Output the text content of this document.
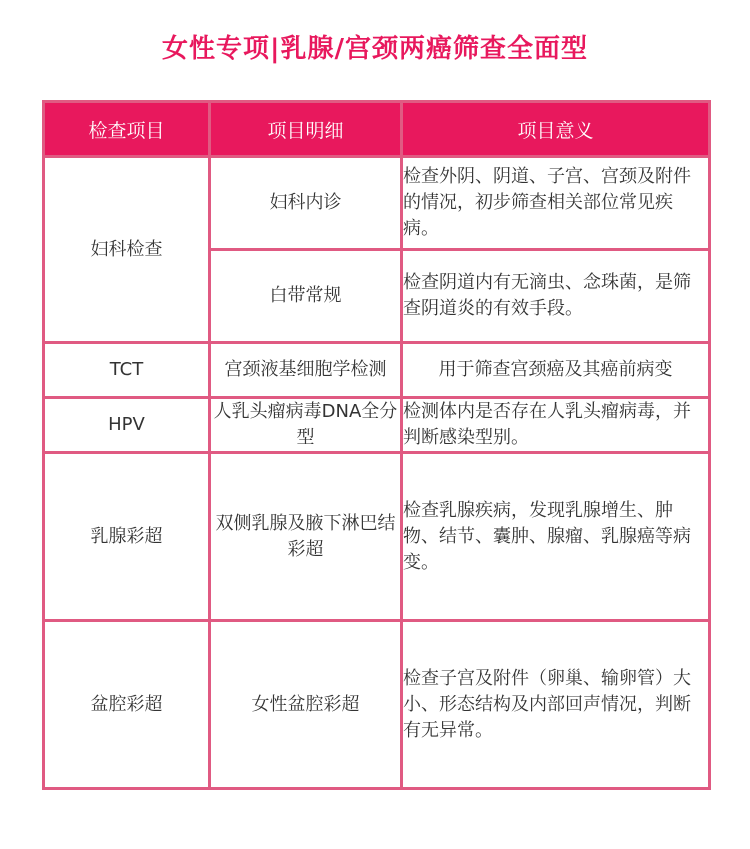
女性专项|乳腺/宫颈两癌筛查全面型
检查项目	项目明细	项目意义
妇科检查	妇科内诊	检查外阴、阴道、子宫、宫颈及附件的情况，初步筛查相关部位常见疾病。
	白带常规	检查阴道内有无滴虫、念珠菌，是筛查阴道炎的有效手段。
TCT	宫颈液基细胞学检测	用于筛查宫颈癌及其癌前病变
HPV	人乳头瘤病毒DNA全分型	检测体内是否存在人乳头瘤病毒，并判断感染型别。
乳腺彩超	双侧乳腺及腋下淋巴结彩超	检查乳腺疾病，发现乳腺增生、肿物、结节、囊肿、腺瘤、乳腺癌等病变。
盆腔彩超	女性盆腔彩超	检查子宫及附件（卵巢、输卵管）大小、形态结构及内部回声情况，判断有无异常。
